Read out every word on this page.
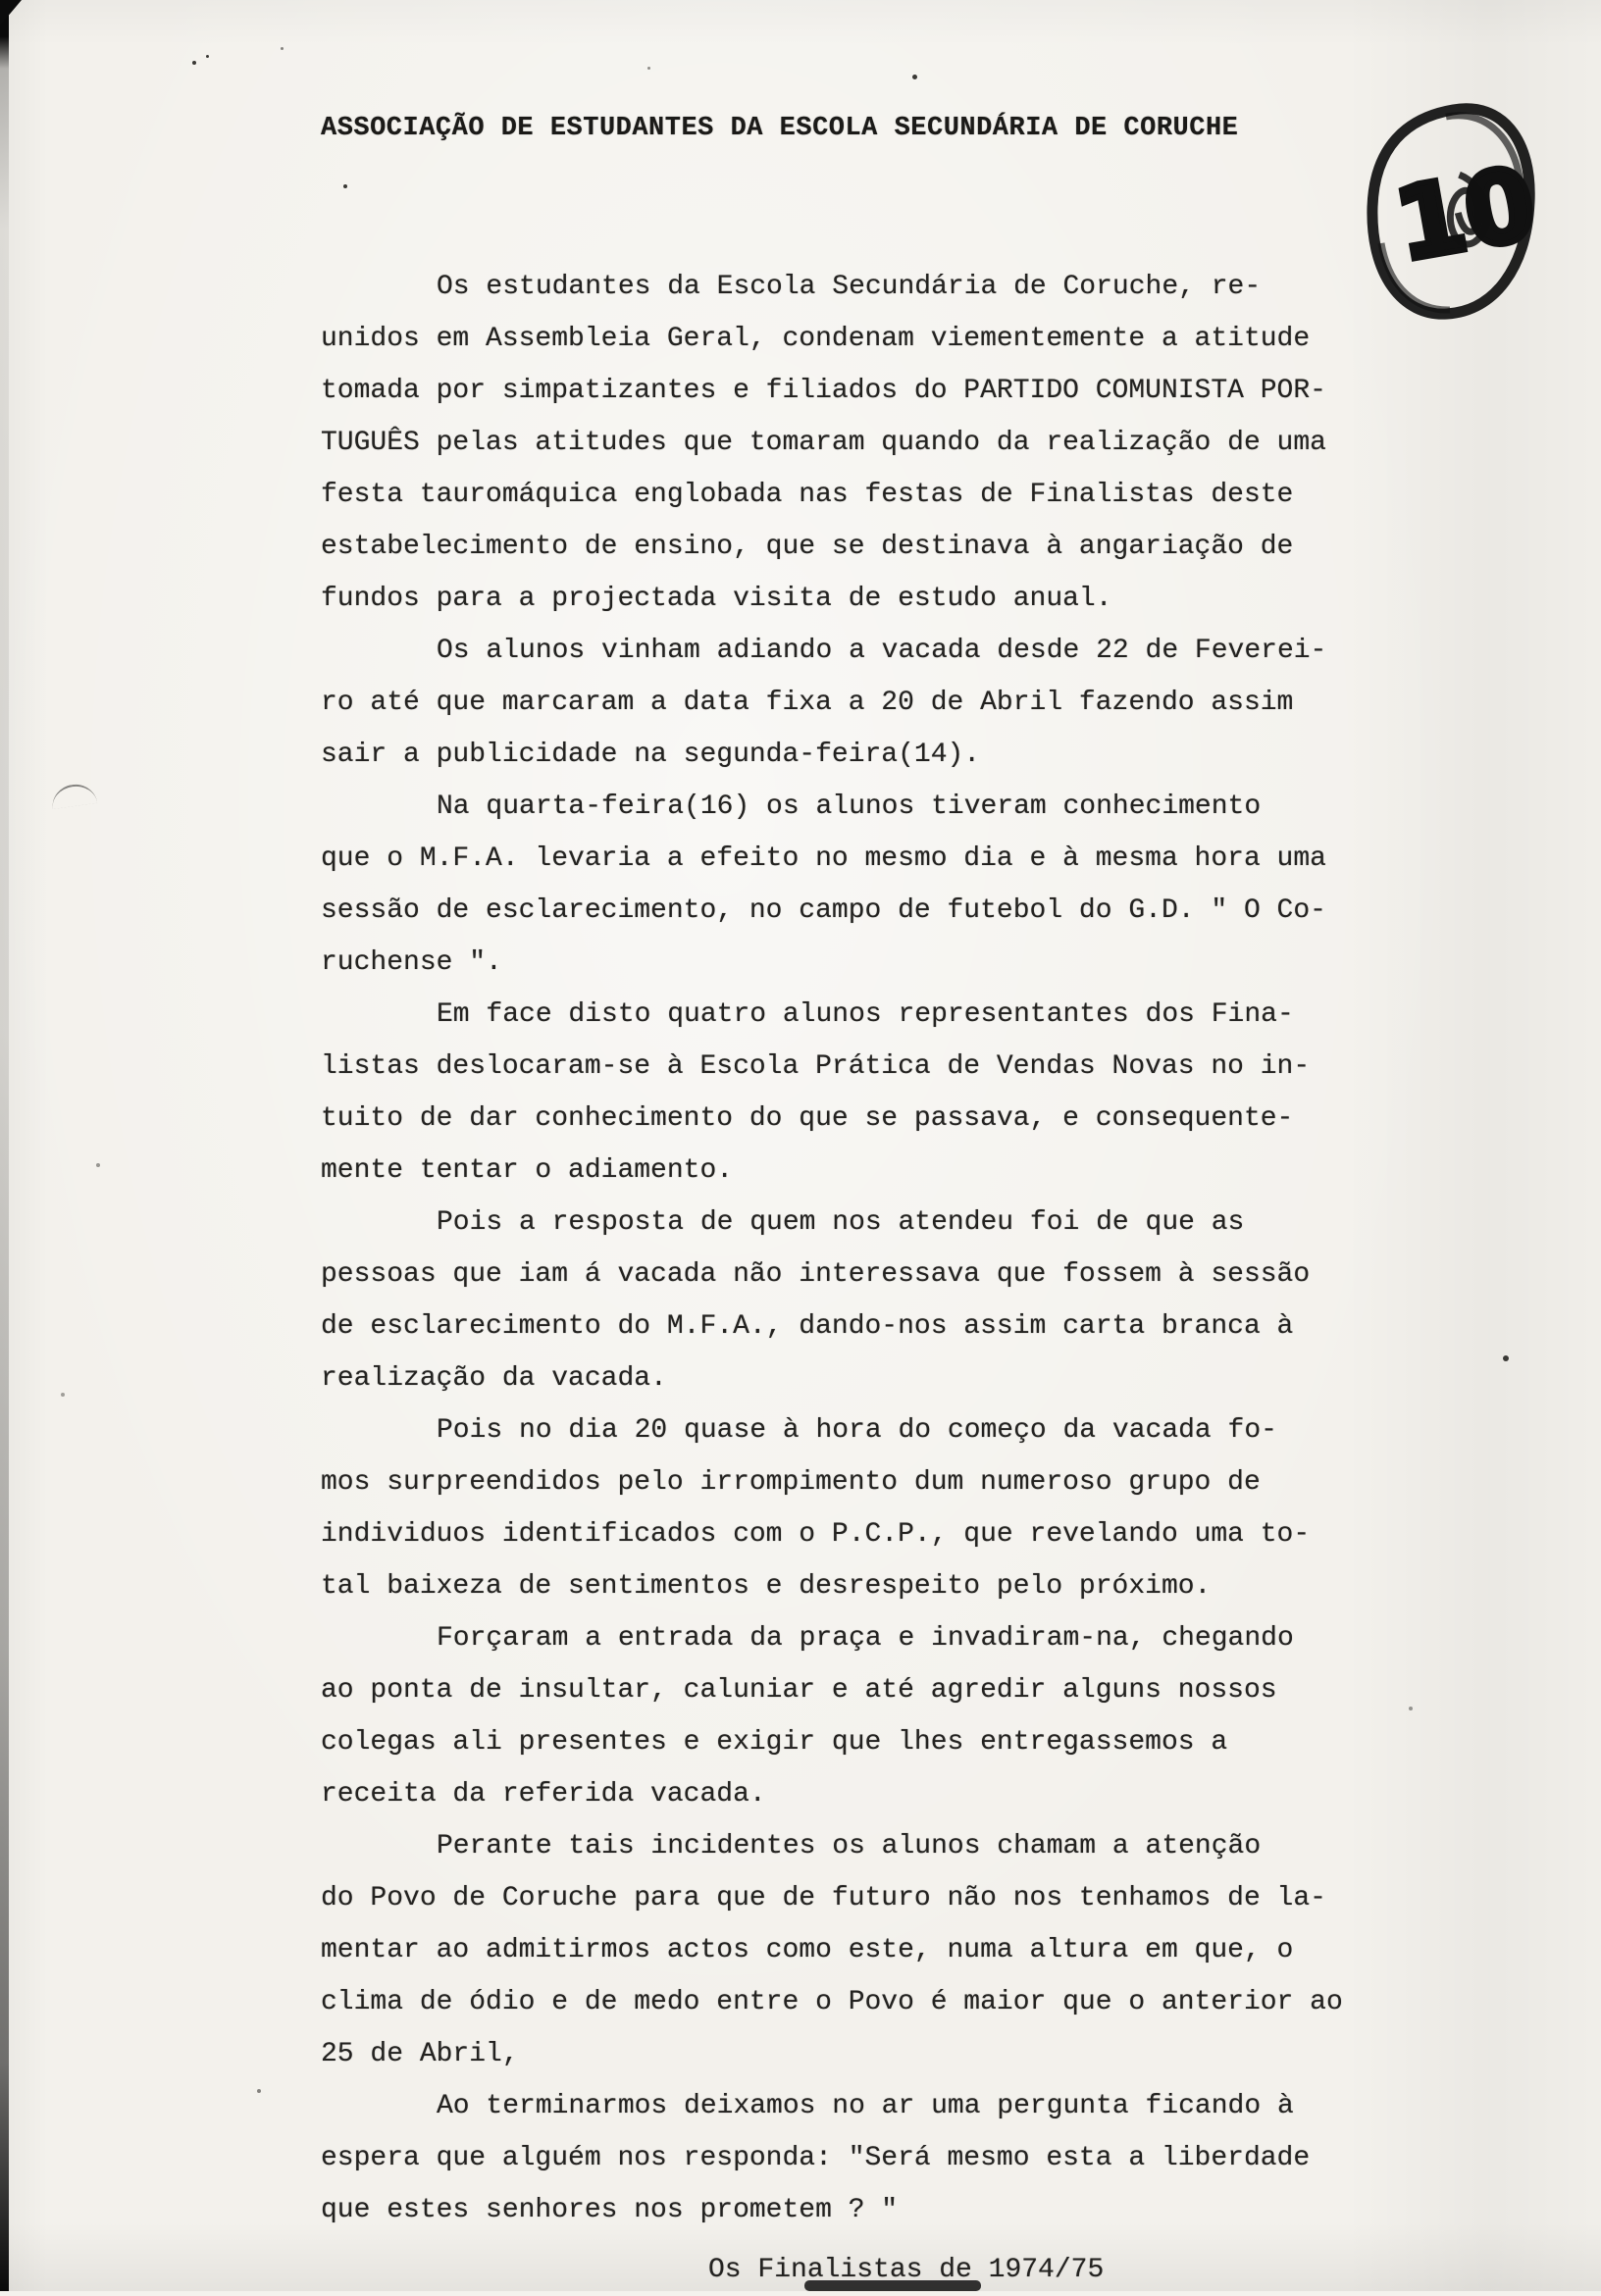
ASSOCIAÇÃO DE ESTUDANTES DA ESCOLA SECUNDÁRIA DE CORUCHE
10
Os estudantes da Escola Secundária de Coruche, re-
unidos em Assembleia Geral, condenam viementemente a atitude
tomada por simpatizantes e filiados do PARTIDO COMUNISTA POR-
TUGUÊS pelas atitudes que tomaram quando da realização de uma
festa tauromáquica englobada nas festas de Finalistas deste
estabelecimento de ensino, que se destinava à angariação de
fundos para a projectada visita de estudo anual.
Os alunos vinham adiando a vacada desde 22 de Feverei-
ro até que marcaram a data fixa a 20 de Abril fazendo assim
sair a publicidade na segunda-feira(14).
Na quarta-feira(16) os alunos tiveram conhecimento
que o M.F.A. levaria a efeito no mesmo dia e à mesma hora uma
sessão de esclarecimento, no campo de futebol do G.D. " O Co-
ruchense ".
Em face disto quatro alunos representantes dos Fina-
listas deslocaram-se à Escola Prática de Vendas Novas no in-
tuito de dar conhecimento do que se passava, e consequente-
mente tentar o adiamento.
Pois a resposta de quem nos atendeu foi de que as
pessoas que iam á vacada não interessava que fossem à sessão
de esclarecimento do M.F.A., dando-nos assim carta branca à
realização da vacada.
Pois no dia 20 quase à hora do começo da vacada fo-
mos surpreendidos pelo irrompimento dum numeroso grupo de
individuos identificados com o P.C.P., que revelando uma to-
tal baixeza de sentimentos e desrespeito pelo próximo.
Forçaram a entrada da praça e invadiram-na, chegando
ao ponta de insultar, caluniar e até agredir alguns nossos
colegas ali presentes e exigir que lhes entregassemos a
receita da referida vacada.
Perante tais incidentes os alunos chamam a atenção
do Povo de Coruche para que de futuro não nos tenhamos de la-
mentar ao admitirmos actos como este, numa altura em que, o
clima de ódio e de medo entre o Povo é maior que o anterior ao
25 de Abril,
Ao terminarmos deixamos no ar uma pergunta ficando à
espera que alguém nos responda: "Será mesmo esta a liberdade
que estes senhores nos prometem ? "
Os Finalistas de 1974/75
